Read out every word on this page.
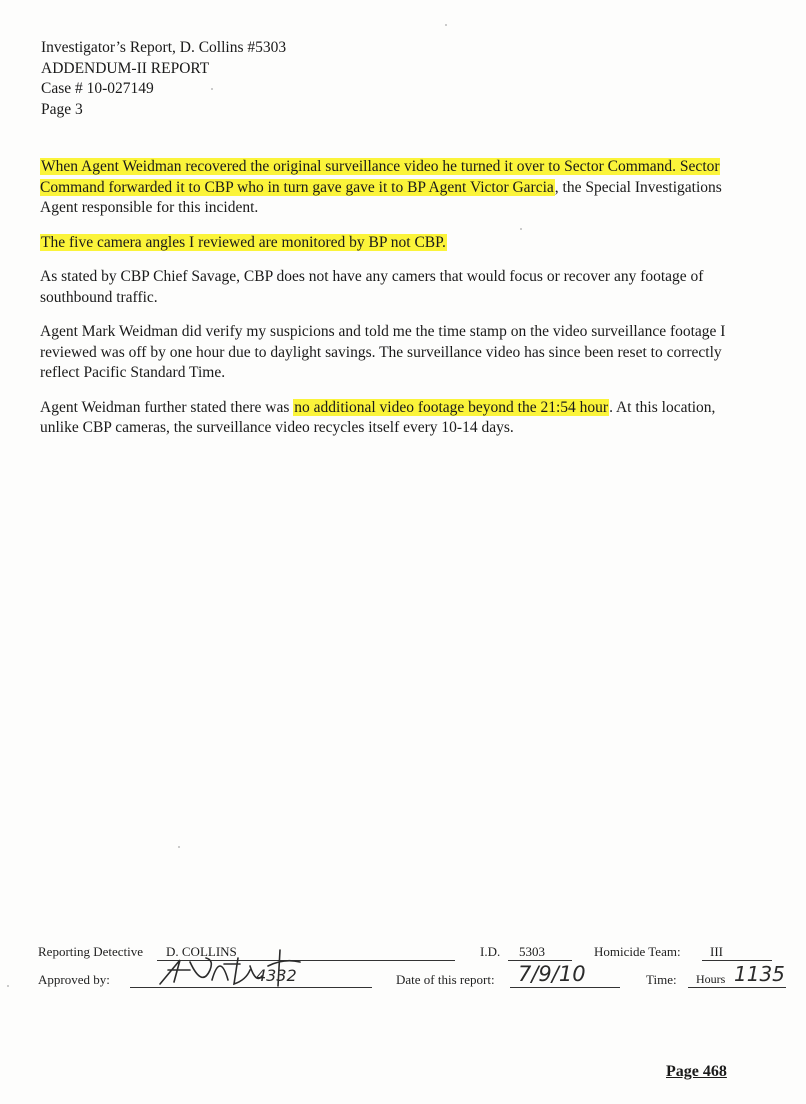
Investigator’s Report, D. Collins #5303
ADDENDUM-II REPORT
Case # 10-027149
Page 3

When Agent Weidman recovered the original surveillance video he turned it over to Sector Command. Sector Command forwarded it to CBP who in turn gave gave it to BP Agent Victor Garcia, the Special Investigations Agent responsible for this incident.

The five camera angles I reviewed are monitored by BP not CBP.

As stated by CBP Chief Savage, CBP does not have any camers that would focus or recover any footage of southbound traffic.

Agent Mark Weidman did verify my suspicions and told me the time stamp on the video surveillance footage I reviewed was off by one hour due to daylight savings. The surveillance video has since been reset to correctly reflect Pacific Standard Time.

Agent Weidman further stated there was no additional video footage beyond the 21:54 hour. At this location, unlike CBP cameras, the surveillance video recycles itself every 10-14 days.

Reporting Detective D. COLLINS	I.D. 5303	Homicide Team: III
Approved by:	4332	Date of this report: 7/9/10	Time: Hours 1135
Page 468
